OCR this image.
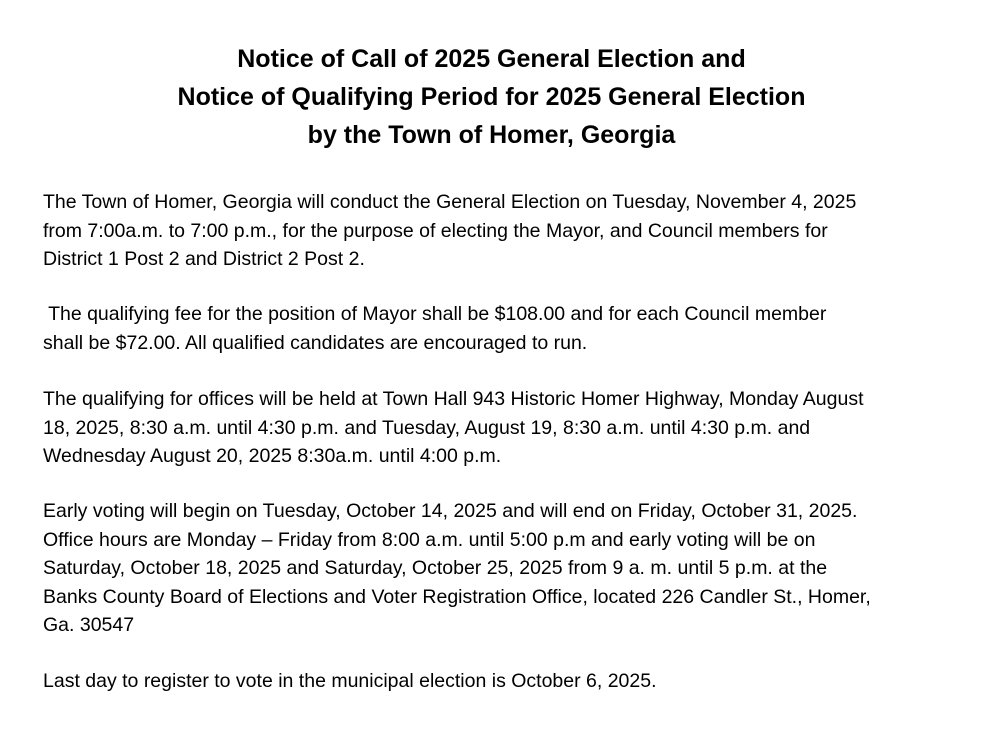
Notice of Call of 2025 General Election and
Notice of Qualifying Period for 2025 General Election
by the Town of Homer, Georgia
The Town of Homer, Georgia will conduct the General Election on Tuesday, November 4, 2025
from 7:00a.m. to 7:00 p.m., for the purpose of electing the Mayor, and Council members for
District 1 Post 2 and District 2 Post 2.
The qualifying fee for the position of Mayor shall be $108.00 and for each Council member
shall be $72.00. All qualified candidates are encouraged to run.
The qualifying for offices will be held at Town Hall 943 Historic Homer Highway, Monday August
18, 2025, 8:30 a.m. until 4:30 p.m. and Tuesday, August 19, 8:30 a.m. until 4:30 p.m. and
Wednesday August 20, 2025 8:30a.m. until 4:00 p.m.
Early voting will begin on Tuesday, October 14, 2025 and will end on Friday, October 31, 2025.
Office hours are Monday – Friday from 8:00 a.m. until 5:00 p.m and early voting will be on
Saturday, October 18, 2025 and Saturday, October 25, 2025 from 9 a. m. until 5 p.m. at the
Banks County Board of Elections and Voter Registration Office, located 226 Candler St., Homer,
Ga. 30547
Last day to register to vote in the municipal election is October 6, 2025.
